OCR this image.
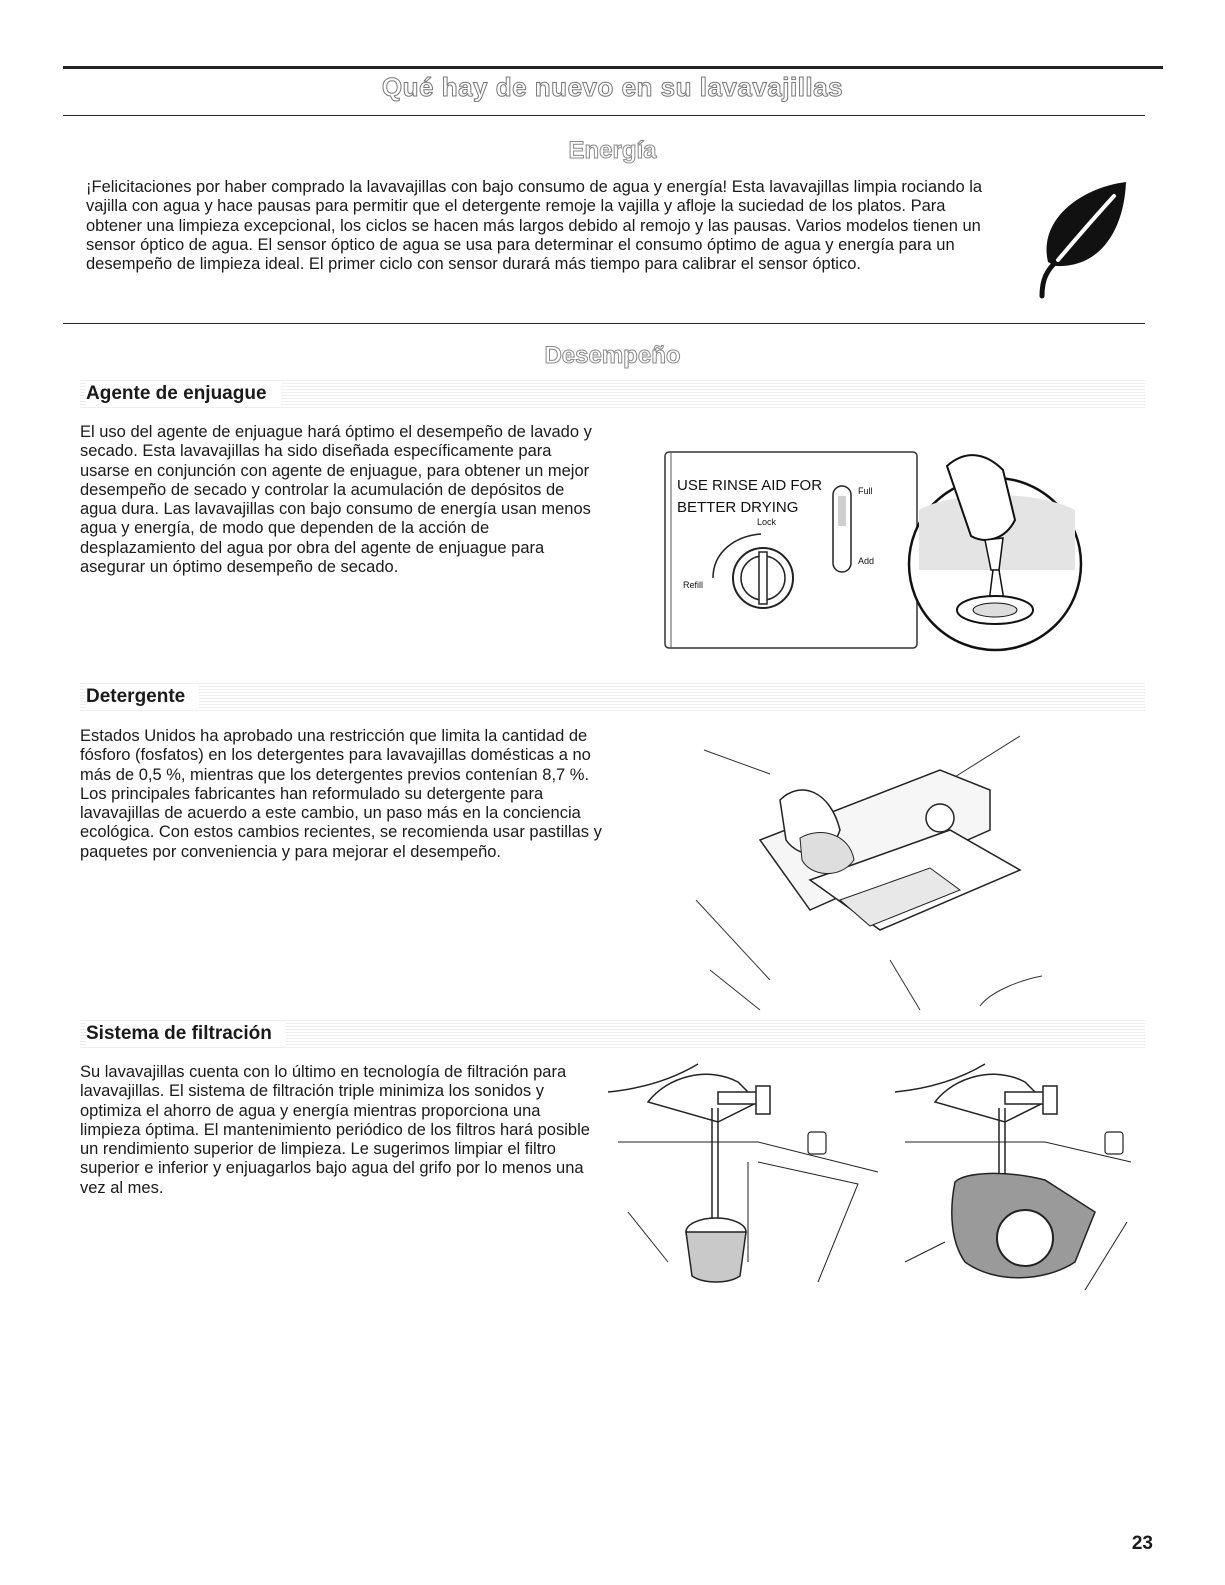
Qué hay de nuevo en su lavavajillas
Energía

¡Felicitaciones por haber comprado la lavavajillas con bajo consumo de agua y energía! Esta lavavajillas limpia rociando la vajilla con agua y hace pausas para permitir que el detergente remoje la vajilla y afloje la suciedad de los platos. Para obtener una limpieza excepcional, los ciclos se hacen más largos debido al remojo y las pausas. Varios modelos tienen un sensor óptico de agua. El sensor óptico de agua se usa para determinar el consumo óptimo de agua y energía para un desempeño de limpieza ideal. El primer ciclo con sensor durará más tiempo para calibrar el sensor óptico.

Desempeño
Agente de enjuague

El uso del agente de enjuague hará óptimo el desempeño de lavado y secado. Esta lavavajillas ha sido diseñada específicamente para usarse en conjunción con agente de enjuague, para obtener un mejor desempeño de secado y controlar la acumulación de depósitos de agua dura. Las lavavajillas con bajo consumo de energía usan menos agua y energía, de modo que dependen de la acción de desplazamiento del agua por obra del agente de enjuague para asegurar un óptimo desempeño de secado.

USE RINSE AID FOR
BETTER DRYING
Lock
Refill
Full
Add
Detergente

Estados Unidos ha aprobado una restricción que limita la cantidad de fósforo (fosfatos) en los detergentes para lavavajillas domésticas a no más de 0,5 %, mientras que los detergentes previos contenían 8,7 %. Los principales fabricantes han reformulado su detergente para lavavajillas de acuerdo a este cambio, un paso más en la conciencia ecológica. Con estos cambios recientes, se recomienda usar pastillas y paquetes por conveniencia y para mejorar el desempeño.

Sistema de filtración

Su lavavajillas cuenta con lo último en tecnología de filtración para lavavajillas. El sistema de filtración triple minimiza los sonidos y optimiza el ahorro de agua y energía mientras proporciona una limpieza óptima. El mantenimiento periódico de los filtros hará posible un rendimiento superior de limpieza. Le sugerimos limpiar el filtro superior e inferior y enjuagarlos bajo agua del grifo por lo menos una vez al mes.

23
